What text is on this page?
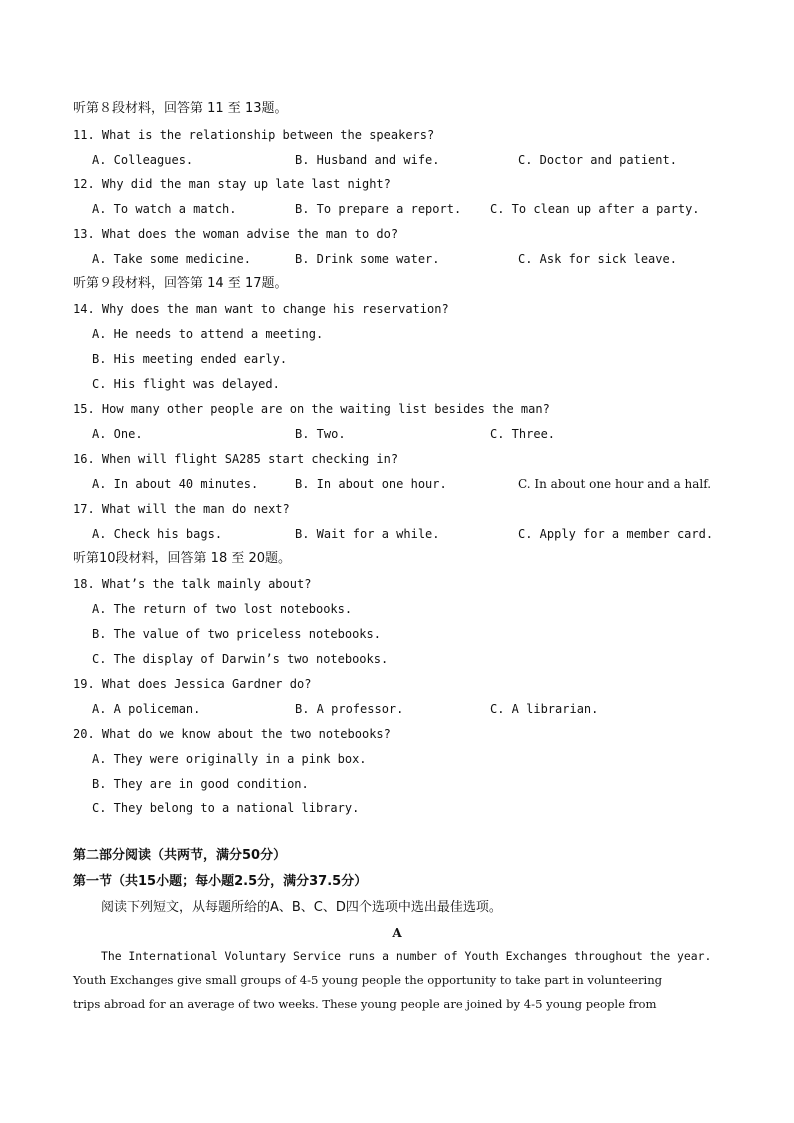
听第８段材料，回答第 11 至 13题。
11. What is the relationship between the speakers?
A. Colleagues.	B. Husband and wife.	C. Doctor and patient.
12. Why did the man stay up late last night?
A. To watch a match.	B. To prepare a report. C. To clean up after a party.
13. What does the woman advise the man to do?
A. Take some medicine.	B. Drink some water.	C. Ask for sick leave.
听第９段材料，回答第 14 至 17题。
14. Why does the man want to change his reservation?
A. He needs to attend a meeting.
B. His meeting ended early.
C. His flight was delayed.
15. How many other people are on the waiting list besides the man?
A. One.	B. Two.	C. Three.
16. When will flight SA285 start checking in?
A. In about 40 minutes.	B. In about one hour.	C. In about one hour and a half.
17. What will the man do next?
A. Check his bags.	B. Wait for a while.	C. Apply for a member card.
听第10段材料，回答第 18 至 20题。
18. What’s the talk mainly about?
A. The return of two lost notebooks.
B. The value of two priceless notebooks.
C. The display of Darwin’s two notebooks.
19. What does Jessica Gardner do?
A. A policeman.	B. A professor.	C. A librarian.
20. What do we know about the two notebooks?
A. They were originally in a pink box.
B. They are in good condition.
C. They belong to a national library.
第二部分阅读（共两节，满分50分）
第一节（共15小题；每小题2.5分，满分37.5分）
阅读下列短文，从每题所给的A、B、C、D四个选项中选出最佳选项。
A
The International Voluntary Service runs a number of Youth Exchanges throughout the year.
Youth Exchanges give small groups of 4-5 young people the opportunity to take part in volunteering
trips abroad for an average of two weeks. These young people are joined by 4-5 young people from
